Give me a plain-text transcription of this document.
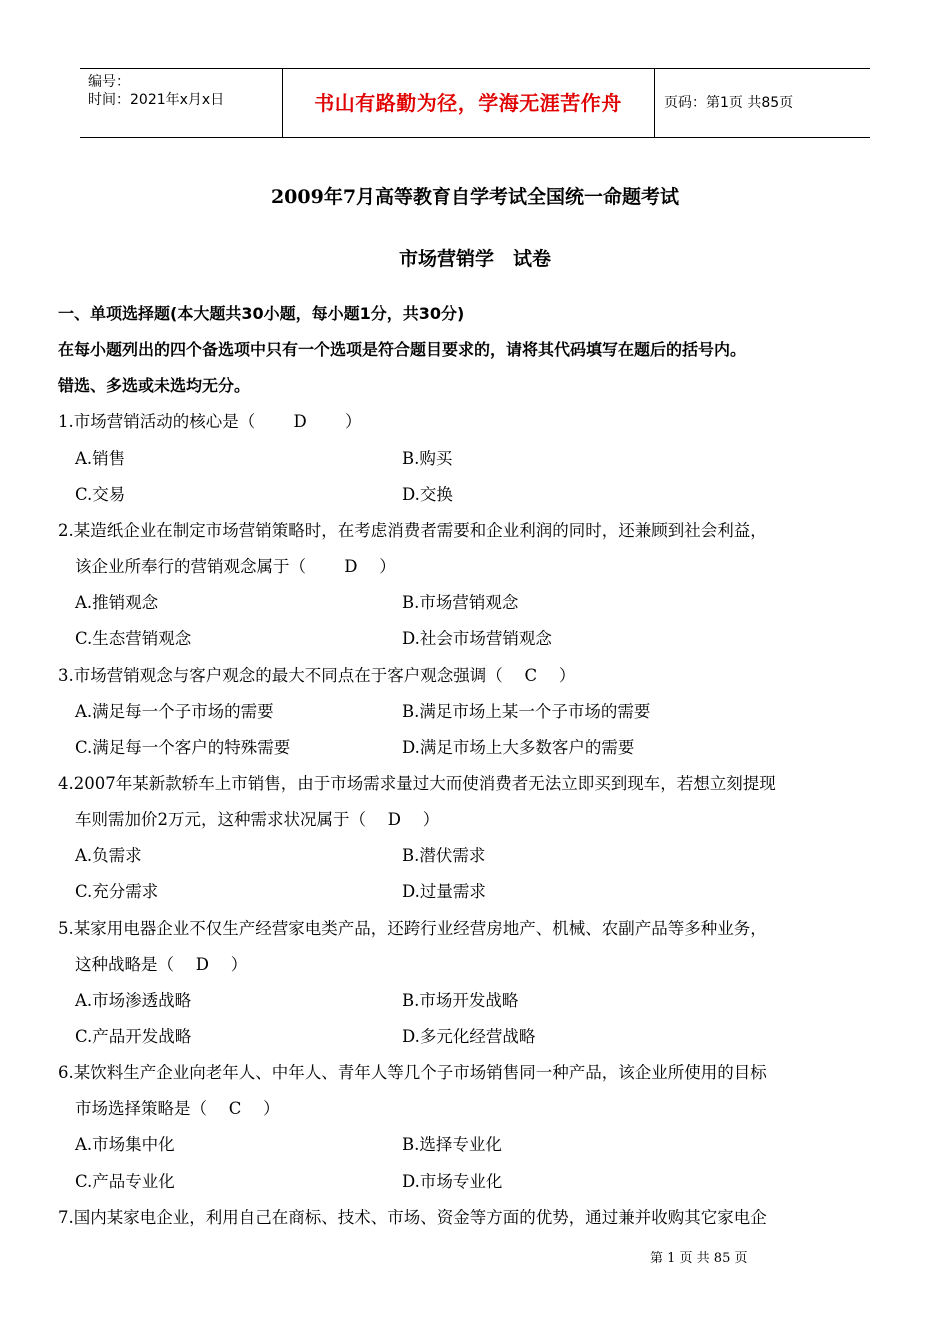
编号：
时间：2021年x月x日	书山有路勤为径，学海无涯苦作舟	页码：第1页 共85页
2009年7月高等教育自学考试全国统一命题考试
市场营销学　试卷
一、单项选择题(本大题共30小题，每小题1分，共30分)
在每小题列出的四个备选项中只有一个选项是符合题目要求的，请将其代码填写在题后的括号内。
错选、多选或未选均无分。
1.市场营销活动的核心是（　　 D　　 ）
A.销售	B.购买
C.交易	D.交换
2.某造纸企业在制定市场营销策略时，在考虑消费者需要和企业利润的同时，还兼顾到社会利益，
该企业所奉行的营销观念属于（　　 D　 ）
A.推销观念	B.市场营销观念
C.生态营销观念	D.社会市场营销观念
3.市场营销观念与客户观念的最大不同点在于客户观念强调（　 C　 ）
A.满足每一个子市场的需要	B.满足市场上某一个子市场的需要
C.满足每一个客户的特殊需要	D.满足市场上大多数客户的需要
4.2007年某新款轿车上市销售，由于市场需求量过大而使消费者无法立即买到现车，若想立刻提现
车则需加价2万元，这种需求状况属于（　 D　 ）
A.负需求	B.潜伏需求
C.充分需求	D.过量需求
5.某家用电器企业不仅生产经营家电类产品，还跨行业经营房地产、机械、农副产品等多种业务，
这种战略是（　 D　 ）
A.市场渗透战略	B.市场开发战略
C.产品开发战略	D.多元化经营战略
6.某饮料生产企业向老年人、中年人、青年人等几个子市场销售同一种产品，该企业所使用的目标
市场选择策略是（　 C　 ）
A.市场集中化	B.选择专业化
C.产品专业化	D.市场专业化
7.国内某家电企业，利用自己在商标、技术、市场、资金等方面的优势，通过兼并收购其它家电企
第 1 页 共 85 页
